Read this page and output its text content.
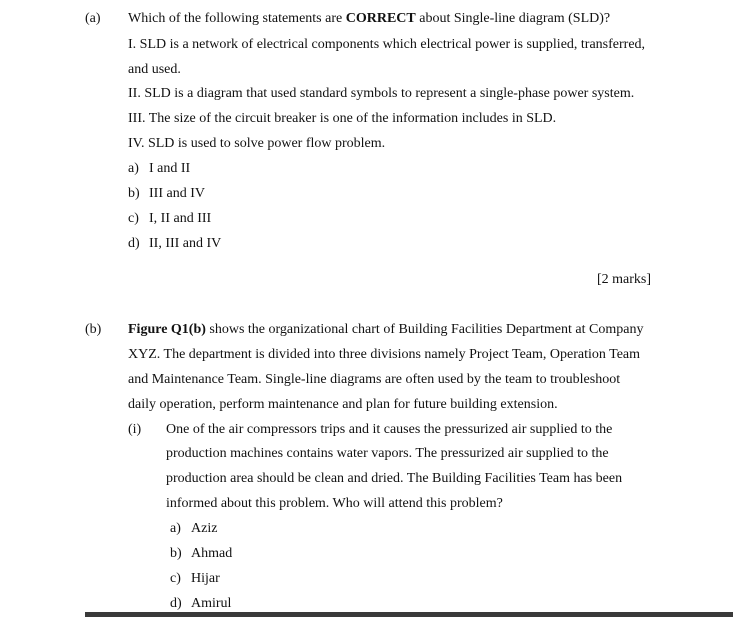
(a) Which of the following statements are CORRECT about Single-line diagram (SLD)?
I. SLD is a network of electrical components which electrical power is supplied, transferred,
and used.
II. SLD is a diagram that used standard symbols to represent a single-phase power system.
III. The size of the circuit breaker is one of the information includes in SLD.
IV. SLD is used to solve power flow problem.
a) I and II
b) III and IV
c) I, II and III
d) II, III and IV
[2 marks]
(b) Figure Q1(b) shows the organizational chart of Building Facilities Department at Company
XYZ. The department is divided into three divisions namely Project Team, Operation Team
and Maintenance Team. Single-line diagrams are often used by the team to troubleshoot
daily operation, perform maintenance and plan for future building extension.
(i) One of the air compressors trips and it causes the pressurized air supplied to the
production machines contains water vapors. The pressurized air supplied to the
production area should be clean and dried. The Building Facilities Team has been
informed about this problem. Who will attend this problem?
a) Aziz
b) Ahmad
c) Hijar
d) Amirul
